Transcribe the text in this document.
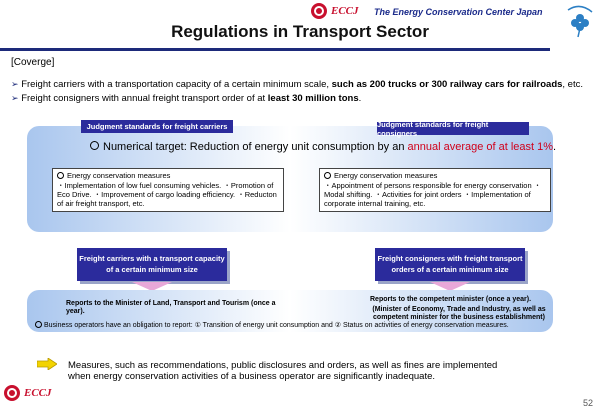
ECCJ The Energy Conservation Center Japan
Regulations in Transport Sector
[Coverge]
➢ Freight carriers with a transportation capacity of a certain minimum scale, such as 200 trucks or 300 railway cars for railroads, etc.
➢ Freight consigners with annual freight transport order of at least 30 million tons.
Judgment standards for freight carriers	Judgment standards for freight consigners
Numerical target: Reduction of energy unit consumption by an annual average of at least 1%.
Energy conservation measures
・Implementation of low fuel consuming vehicles. ・Promotion of Eco Drive. ・Improvement of cargo loading efficiency. ・Reducton of air freight transport, etc.
Energy conservation measures
・Appointment of persons responsible for energy conservation ・Modal shifting. ・Activities for joint orders ・Implementation of corporate internal training, etc.
Freight carriers with a transport capacity of a certain minimum size
Freight consigners with freight transport orders of a certain minimum size
Reports to the Minister of Land, Transport and Tourism (once a year).
Reports to the competent minister (once a year).
(Minister of Economy, Trade and Industry, as well as competent minister for the business establishment)
Business operators have an obligation to report: ① Transition of energy unit consumption and ② Status on activities of energy conservation measures.
Measures, such as recommendations, public disclosures and orders, as well as fines are implemented when energy conservation activities of a business operator are significantly inadequate.
ECCJ
52
